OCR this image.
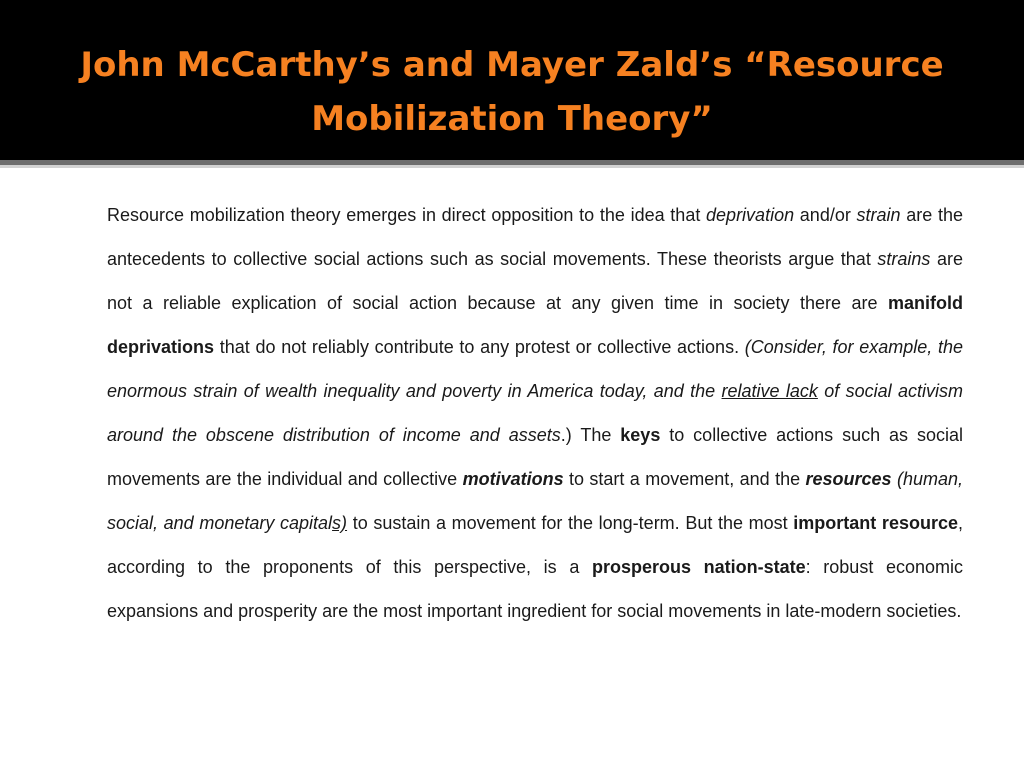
John McCarthy’s and Mayer Zald’s “Resource
Mobilization Theory”

Resource mobilization theory emerges in direct opposition to the idea that deprivation and/or strain are the antecedents to collective social actions such as social movements. These theorists argue that strains are not a reliable explication of social action because at any given time in society there are manifold deprivations that do not reliably contribute to any protest or collective actions. (Consider, for example, the enormous strain of wealth inequality and poverty in America today, and the relative lack of social activism around the obscene distribution of income and assets.) The keys to collective actions such as social movements are the individual and collective motivations to start a movement, and the resources (human, social, and monetary capitals) to sustain a movement for the long-term. But the most important resource, according to the proponents of this perspective, is a prosperous nation-state: robust economic expansions and prosperity are the most important ingredient for social movements in late-modern societies.
